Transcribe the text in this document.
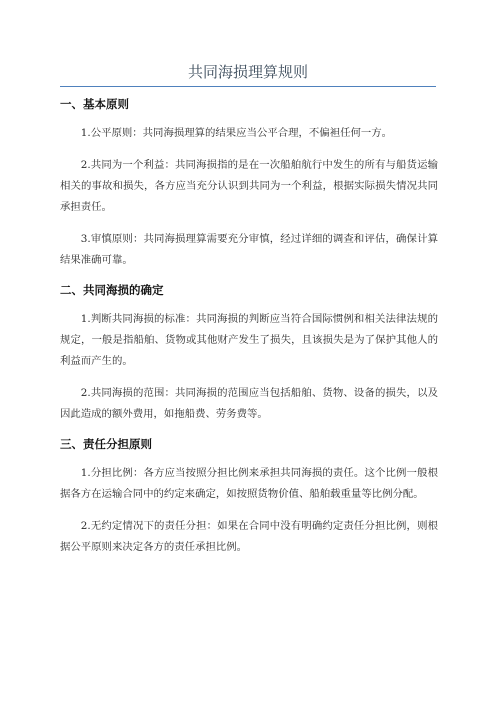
共同海损理算规则
一、基本原则

1.公平原则：共同海损理算的结果应当公平合理，不偏袒任何一方。

2.共同为一个利益：共同海损指的是在一次船舶航行中发生的所有与船货运输相关的事故和损失，各方应当充分认识到共同为一个利益，根据实际损失情况共同承担责任。

3.审慎原则：共同海损理算需要充分审慎，经过详细的调查和评估，确保计算结果准确可靠。

二、共同海损的确定

1.判断共同海损的标准：共同海损的判断应当符合国际惯例和相关法律法规的规定，一般是指船舶、货物或其他财产发生了损失，且该损失是为了保护其他人的利益而产生的。

2.共同海损的范围：共同海损的范围应当包括船舶、货物、设备的损失，以及因此造成的额外费用，如拖船费、劳务费等。

三、责任分担原则

1.分担比例：各方应当按照分担比例来承担共同海损的责任。这个比例一般根据各方在运输合同中的约定来确定，如按照货物价值、船舶载重量等比例分配。

2.无约定情况下的责任分担：如果在合同中没有明确约定责任分担比例，则根据公平原则来决定各方的责任承担比例。
